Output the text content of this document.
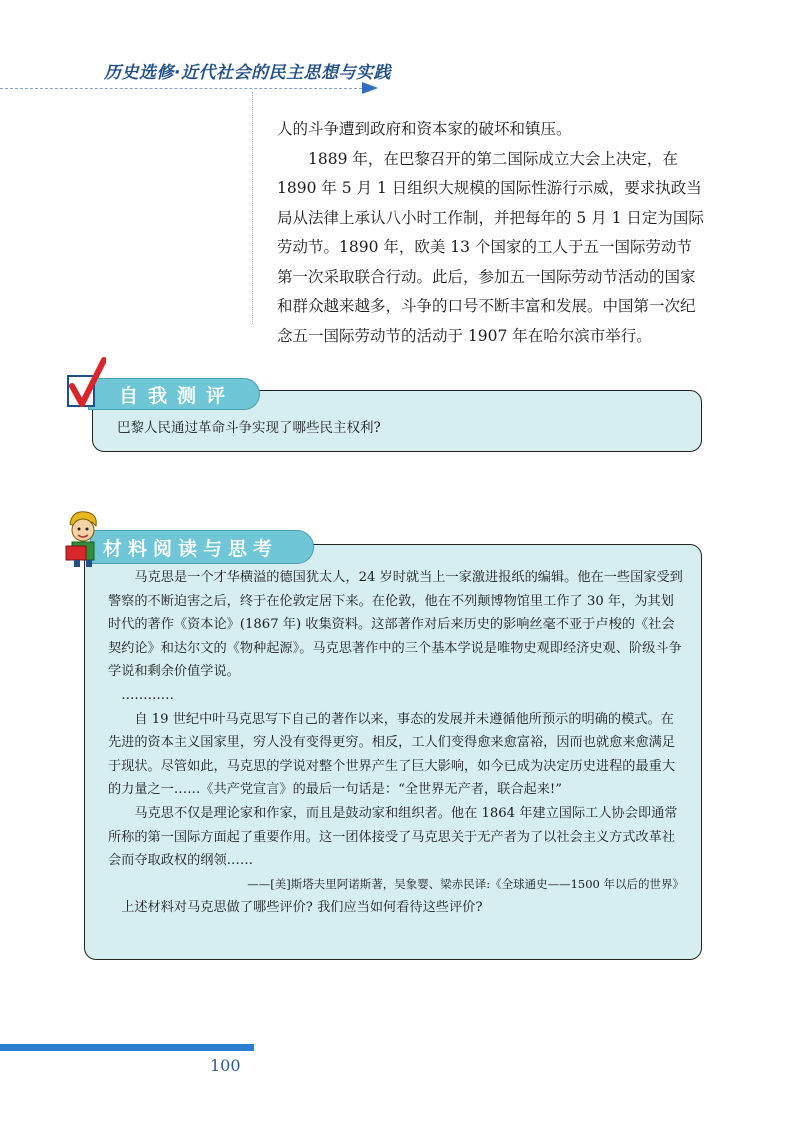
历史选修·近代社会的民主思想与实践

人的斗争遭到政府和资本家的破坏和镇压。

1889 年，在巴黎召开的第二国际成立大会上决定，在 1890 年 5 月 1 日组织大规模的国际性游行示威，要求执政当局从法律上承认八小时工作制，并把每年的 5 月 1 日定为国际劳动节。1890 年，欧美 13 个国家的工人于五一国际劳动节第一次采取联合行动。此后，参加五一国际劳动节活动的国家和群众越来越多，斗争的口号不断丰富和发展。中国第一次纪念五一国际劳动节的活动于 1907 年在哈尔滨市举行。

自我测评
巴黎人民通过革命斗争实现了哪些民主权利?
材料阅读与思考

马克思是一个才华横溢的德国犹太人，24 岁时就当上一家激进报纸的编辑。他在一些国家受到警察的不断迫害之后，终于在伦敦定居下来。在伦敦，他在不列颠博物馆里工作了 30 年，为其划时代的著作《资本论》(1867 年) 收集资料。这部著作对后来历史的影响丝毫不亚于卢梭的《社会契约论》和达尔文的《物种起源》。马克思著作中的三个基本学说是唯物史观即经济史观、阶级斗争学说和剩余价值学说。

…………

自 19 世纪中叶马克思写下自己的著作以来，事态的发展并未遵循他所预示的明确的模式。在先进的资本主义国家里，穷人没有变得更穷。相反，工人们变得愈来愈富裕，因而也就愈来愈满足于现状。尽管如此，马克思的学说对整个世界产生了巨大影响，如今已成为决定历史进程的最重大的力量之一……《共产党宣言》的最后一句话是：“全世界无产者，联合起来!”

马克思不仅是理论家和作家，而且是鼓动家和组织者。他在 1864 年建立国际工人协会即通常所称的第一国际方面起了重要作用。这一团体接受了马克思关于无产者为了以社会主义方式改革社会而夺取政权的纲领……

——[美]斯塔夫里阿诺斯著，吴象婴、梁赤民译:《全球通史——1500 年以后的世界》

上述材料对马克思做了哪些评价? 我们应当如何看待这些评价?

100
